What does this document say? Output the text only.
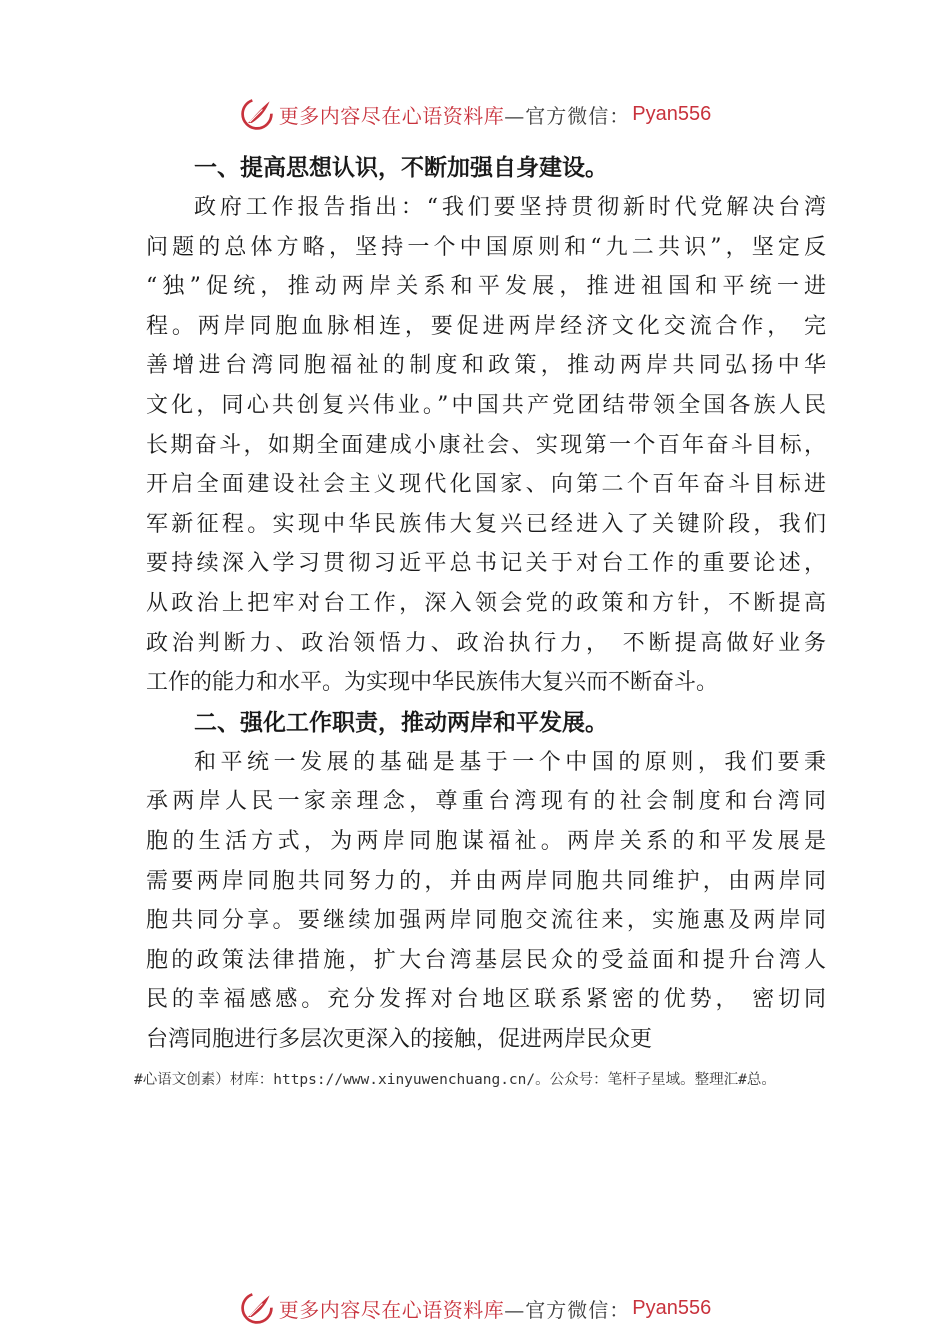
更多内容尽在心语资料库 —官方微信： Pyan556
一、提高思想认识，不断加强自身建设。
政府工作报告指出：“我们要坚持贯彻新时代党解决台湾
问题的总体方略，坚持一个中国原则和“九二共识”，坚定反
“独”促统，推动两岸关系和平发展，推进祖国和平统一进
程。两岸同胞血脉相连，要促进两岸经济文化交流合作， 完
善增进台湾同胞福祉的制度和政策，推动两岸共同弘扬中华
文化，同心共创复兴伟业。”中国共产党团结带领全国各族人民
长期奋斗，如期全面建成小康社会、实现第一个百年奋斗目标，
开启全面建设社会主义现代化国家、向第二个百年奋斗目标进
军新征程。实现中华民族伟大复兴已经进入了关键阶段，我们
要持续深入学习贯彻习近平总书记关于对台工作的重要论述，
从政治上把牢对台工作，深入领会党的政策和方针，不断提高
政治判断力、政治领悟力、政治执行力， 不断提高做好业务
工作的能力和水平。为实现中华民族伟大复兴而不断奋斗。
二、强化工作职责，推动两岸和平发展。
和平统一发展的基础是基于一个中国的原则，我们要秉
承两岸人民一家亲理念，尊重台湾现有的社会制度和台湾同
胞的生活方式，为两岸同胞谋福祉。两岸关系的和平发展是
需要两岸同胞共同努力的，并由两岸同胞共同维护，由两岸同
胞共同分享。要继续加强两岸同胞交流往来，实施惠及两岸同
胞的政策法律措施，扩大台湾基层民众的受益面和提升台湾人
民的幸福感感。充分发挥对台地区联系紧密的优势， 密切同
台湾同胞进行多层次更深入的接触，促进两岸民众更
#心语文创素）材库：https://www.xinyuwenchuang.cn/。公众号：笔杆子星域。整理汇#总。
更多内容尽在心语资料库 —官方微信： Pyan556
